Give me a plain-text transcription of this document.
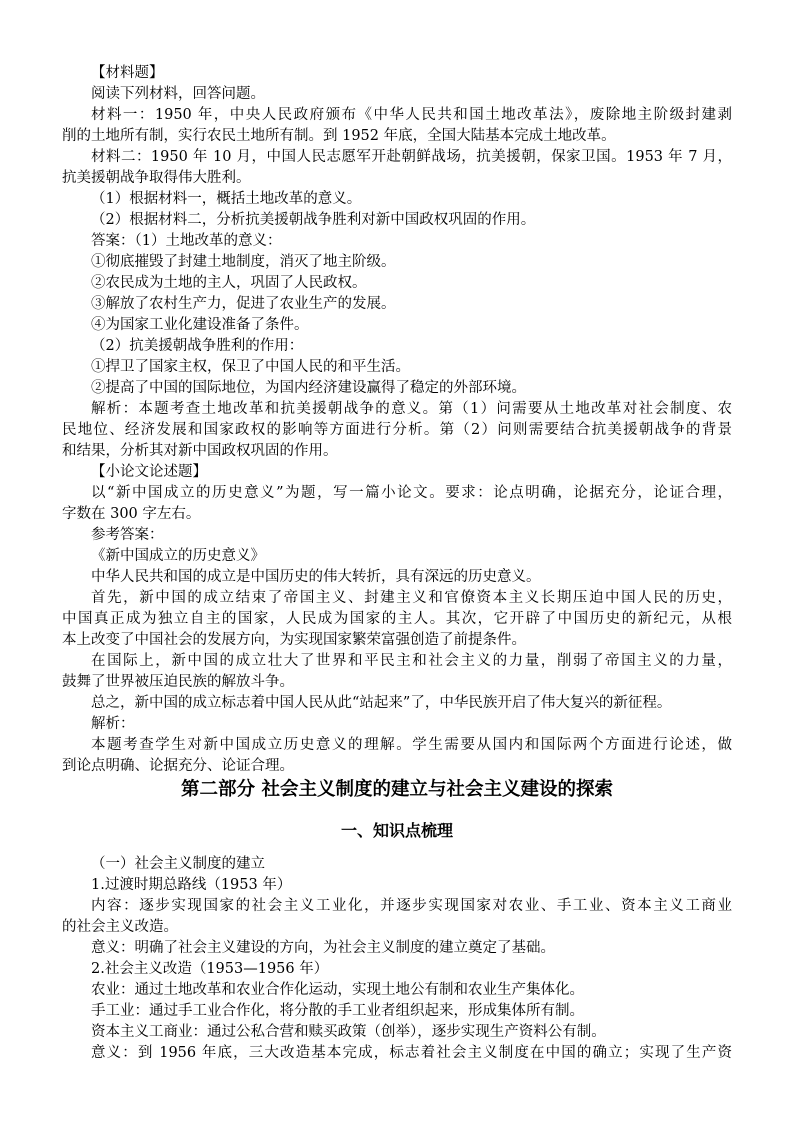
【材料题】
阅读下列材料，回答问题。
材料一：1950 年，中央人民政府颁布《中华人民共和国土地改革法》，废除地主阶级封建剥
削的土地所有制，实行农民土地所有制。到 1952 年底，全国大陆基本完成土地改革。
材料二：1950 年 10 月，中国人民志愿军开赴朝鲜战场，抗美援朝，保家卫国。1953 年 7 月，
抗美援朝战争取得伟大胜利。
（1）根据材料一，概括土地改革的意义。
（2）根据材料二，分析抗美援朝战争胜利对新中国政权巩固的作用。
答案：（1）土地改革的意义：
①彻底摧毁了封建土地制度，消灭了地主阶级。
②农民成为土地的主人，巩固了人民政权。
③解放了农村生产力，促进了农业生产的发展。
④为国家工业化建设准备了条件。
（2）抗美援朝战争胜利的作用：
①捍卫了国家主权，保卫了中国人民的和平生活。
②提高了中国的国际地位，为国内经济建设赢得了稳定的外部环境。
解析：本题考查土地改革和抗美援朝战争的意义。第（1）问需要从土地改革对社会制度、农
民地位、经济发展和国家政权的影响等方面进行分析。第（2）问则需要结合抗美援朝战争的背景
和结果，分析其对新中国政权巩固的作用。
【小论文论述题】
以“新中国成立的历史意义”为题，写一篇小论文。要求：论点明确，论据充分，论证合理，
字数在 300 字左右。
参考答案：
《新中国成立的历史意义》
中华人民共和国的成立是中国历史的伟大转折，具有深远的历史意义。
首先，新中国的成立结束了帝国主义、封建主义和官僚资本主义长期压迫中国人民的历史，
中国真正成为独立自主的国家，人民成为国家的主人。其次，它开辟了中国历史的新纪元，从根
本上改变了中国社会的发展方向，为实现国家繁荣富强创造了前提条件。
在国际上，新中国的成立壮大了世界和平民主和社会主义的力量，削弱了帝国主义的力量，
鼓舞了世界被压迫民族的解放斗争。
总之，新中国的成立标志着中国人民从此“站起来”了，中华民族开启了伟大复兴的新征程。
解析：
本题考查学生对新中国成立历史意义的理解。学生需要从国内和国际两个方面进行论述，做
到论点明确、论据充分、论证合理。
第二部分 社会主义制度的建立与社会主义建设的探索
一、知识点梳理
（一）社会主义制度的建立
1.过渡时期总路线（1953 年）
内容：逐步实现国家的社会主义工业化，并逐步实现国家对农业、手工业、资本主义工商业
的社会主义改造。
意义：明确了社会主义建设的方向，为社会主义制度的建立奠定了基础。
2.社会主义改造（1953—1956 年）
农业：通过土地改革和农业合作化运动，实现土地公有制和农业生产集体化。
手工业：通过手工业合作化，将分散的手工业者组织起来，形成集体所有制。
资本主义工商业：通过公私合营和赎买政策（创举），逐步实现生产资料公有制。
意义：到 1956 年底，三大改造基本完成，标志着社会主义制度在中国的确立；实现了生产资
